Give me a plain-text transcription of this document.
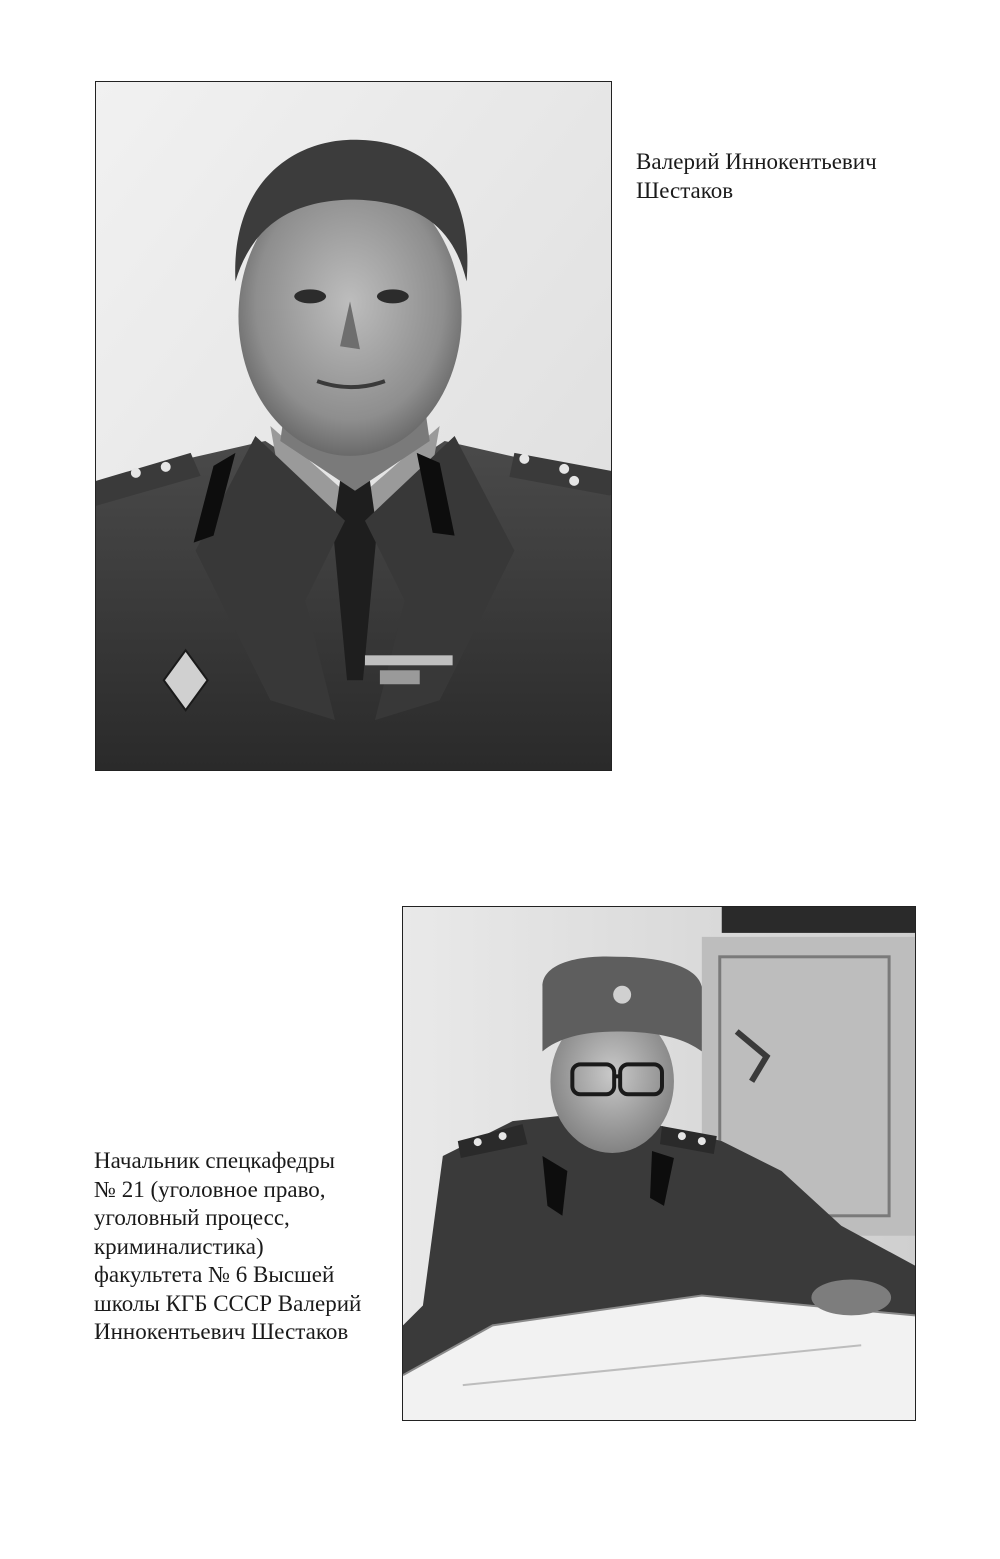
Валерий Иннокентьевич
Шестаков
Начальник спецкафедры
№ 21 (уголовное право,
уголовный процесс,
криминалистика)
факультета № 6 Высшей
школы КГБ СССР Валерий
Иннокентьевич Шестаков
